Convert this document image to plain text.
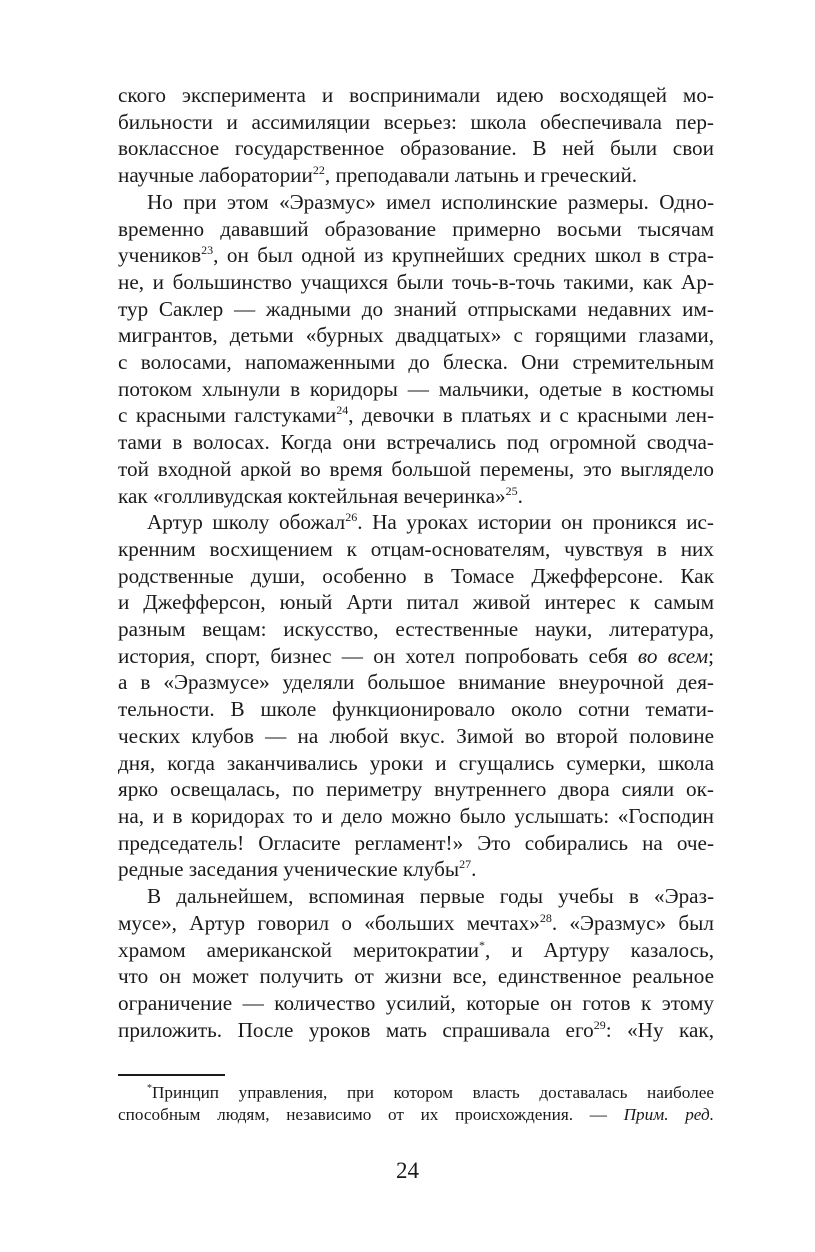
ского эксперимента и воспринимали идею восходящей мо-
бильности и ассимиляции всерьез: школа обеспечивала пер-
воклассное государственное образование. В ней были свои
научные лаборатории$^{22}$, преподавали латынь и греческий.

Но при этом «Эразмус» имел исполинские размеры. Одно-
временно дававший образование примерно восьми тысячам
учеников$^{23}$, он был одной из крупнейших средних школ в стра-
не, и большинство учащихся были точь-в-точь такими, как Ар-
тур Саклер — жадными до знаний отпрысками недавних им-
мигрантов, детьми «бурных двадцатых» с горящими глазами,
с волосами, напомаженными до блеска. Они стремительным
потоком хлынули в коридоры — мальчики, одетые в костюмы
с красными галстуками$^{24}$, девочки в платьях и с красными лен-
тами в волосах. Когда они встречались под огромной сводча-
той входной аркой во время большой перемены, это выглядело
как «голливудская коктейльная вечеринка»$^{25}$.

Артур школу обожал$^{26}$. На уроках истории он проникся ис-
кренним восхищением к отцам-основателям, чувствуя в них
родственные души, особенно в Томасе Джефферсоне. Как
и Джефферсон, юный Арти питал живой интерес к самым
разным вещам: искусство, естественные науки, литература,
история, спорт, бизнес — он хотел попробовать себя во всем;
а в «Эразмусе» уделяли большое внимание внеурочной дея-
тельности. В школе функционировало около сотни темати-
ческих клубов — на любой вкус. Зимой во второй половине
дня, когда заканчивались уроки и сгущались сумерки, школа
ярко освещалась, по периметру внутреннего двора сияли ок-
на, и в коридорах то и дело можно было услышать: «Господин
председатель! Огласите регламент!» Это собирались на оче-
редные заседания ученические клубы$^{27}$.

В дальнейшем, вспоминая первые годы учебы в «Эраз-
мусе», Артур говорил о «больших мечтах»$^{28}$. «Эразмус» был
храмом американской меритократии*, и Артуру казалось,
что он может получить от жизни все, единственное реальное
ограничение — количество усилий, которые он готов к этому
приложить. После уроков мать спрашивала его$^{29}$: «Ну как,

*Принцип управления, при котором власть доставалась наиболее
способным людям, независимо от их происхождения. — Прим. ред.
24
